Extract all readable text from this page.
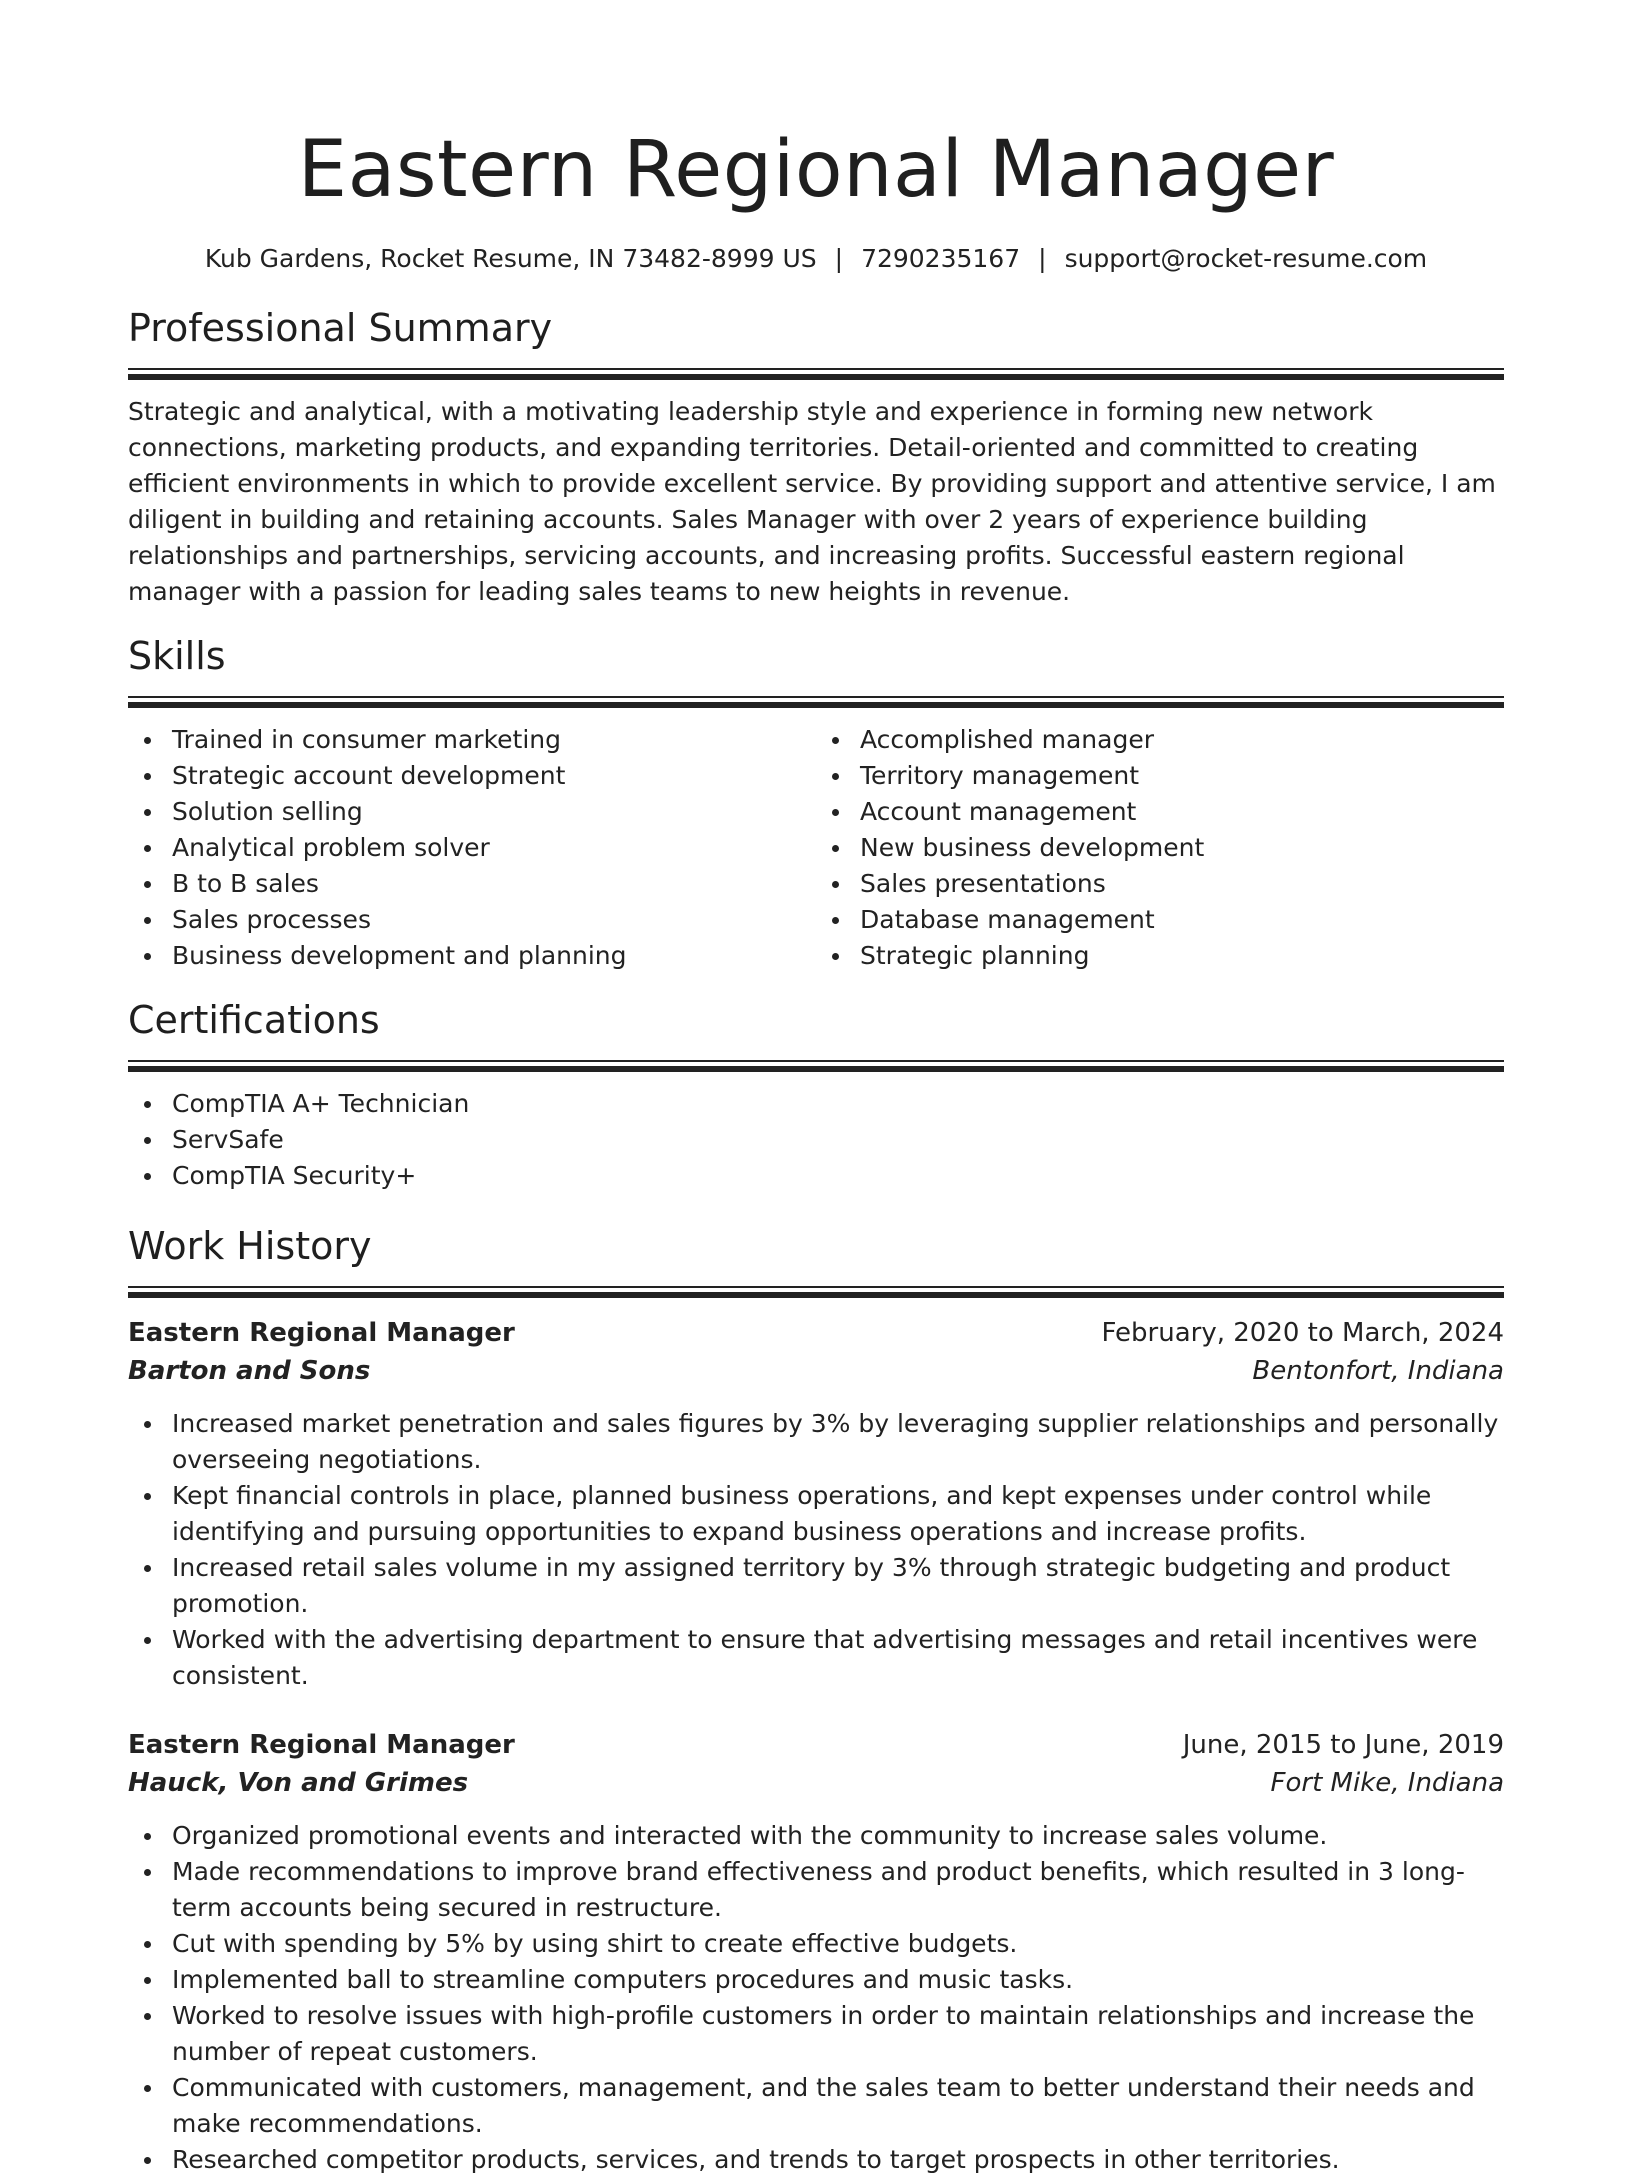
Eastern Regional Manager
Kub Gardens, Rocket Resume, IN 73482-8999 US | 7290235167 | support@rocket-resume.com
Professional Summary

Strategic and analytical, with a motivating leadership style and experience in forming new network connections, marketing products, and expanding territories. Detail-oriented and committed to creating efficient environments in which to provide excellent service. By providing support and attentive service, I am diligent in building and retaining accounts. Sales Manager with over 2 years of experience building relationships and partnerships, servicing accounts, and increasing profits. Successful eastern regional manager with a passion for leading sales teams to new heights in revenue.

Skills
Trained in consumer marketing
Strategic account development
Solution selling
Analytical problem solver
B to B sales
Sales processes
Business development and planning
Accomplished manager
Territory management
Account management
New business development
Sales presentations
Database management
Strategic planning
Certifications
CompTIA A+ Technician
ServSafe
CompTIA Security+
Work History
Eastern Regional Manager	February, 2020 to March, 2024
Barton and Sons	Bentonfort, Indiana
Increased market penetration and sales figures by 3% by leveraging supplier relationships and personally overseeing negotiations.
Kept financial controls in place, planned business operations, and kept expenses under control while identifying and pursuing opportunities to expand business operations and increase profits.
Increased retail sales volume in my assigned territory by 3% through strategic budgeting and product promotion.
Worked with the advertising department to ensure that advertising messages and retail incentives were consistent.
Eastern Regional Manager	June, 2015 to June, 2019
Hauck, Von and Grimes	Fort Mike, Indiana
Organized promotional events and interacted with the community to increase sales volume.
Made recommendations to improve brand effectiveness and product benefits, which resulted in 3 long-term accounts being secured in restructure.
Cut with spending by 5% by using shirt to create effective budgets.
Implemented ball to streamline computers procedures and music tasks.
Worked to resolve issues with high-profile customers in order to maintain relationships and increase the number of repeat customers.
Communicated with customers, management, and the sales team to better understand their needs and make recommendations.
Researched competitor products, services, and trends to target prospects in other territories.
